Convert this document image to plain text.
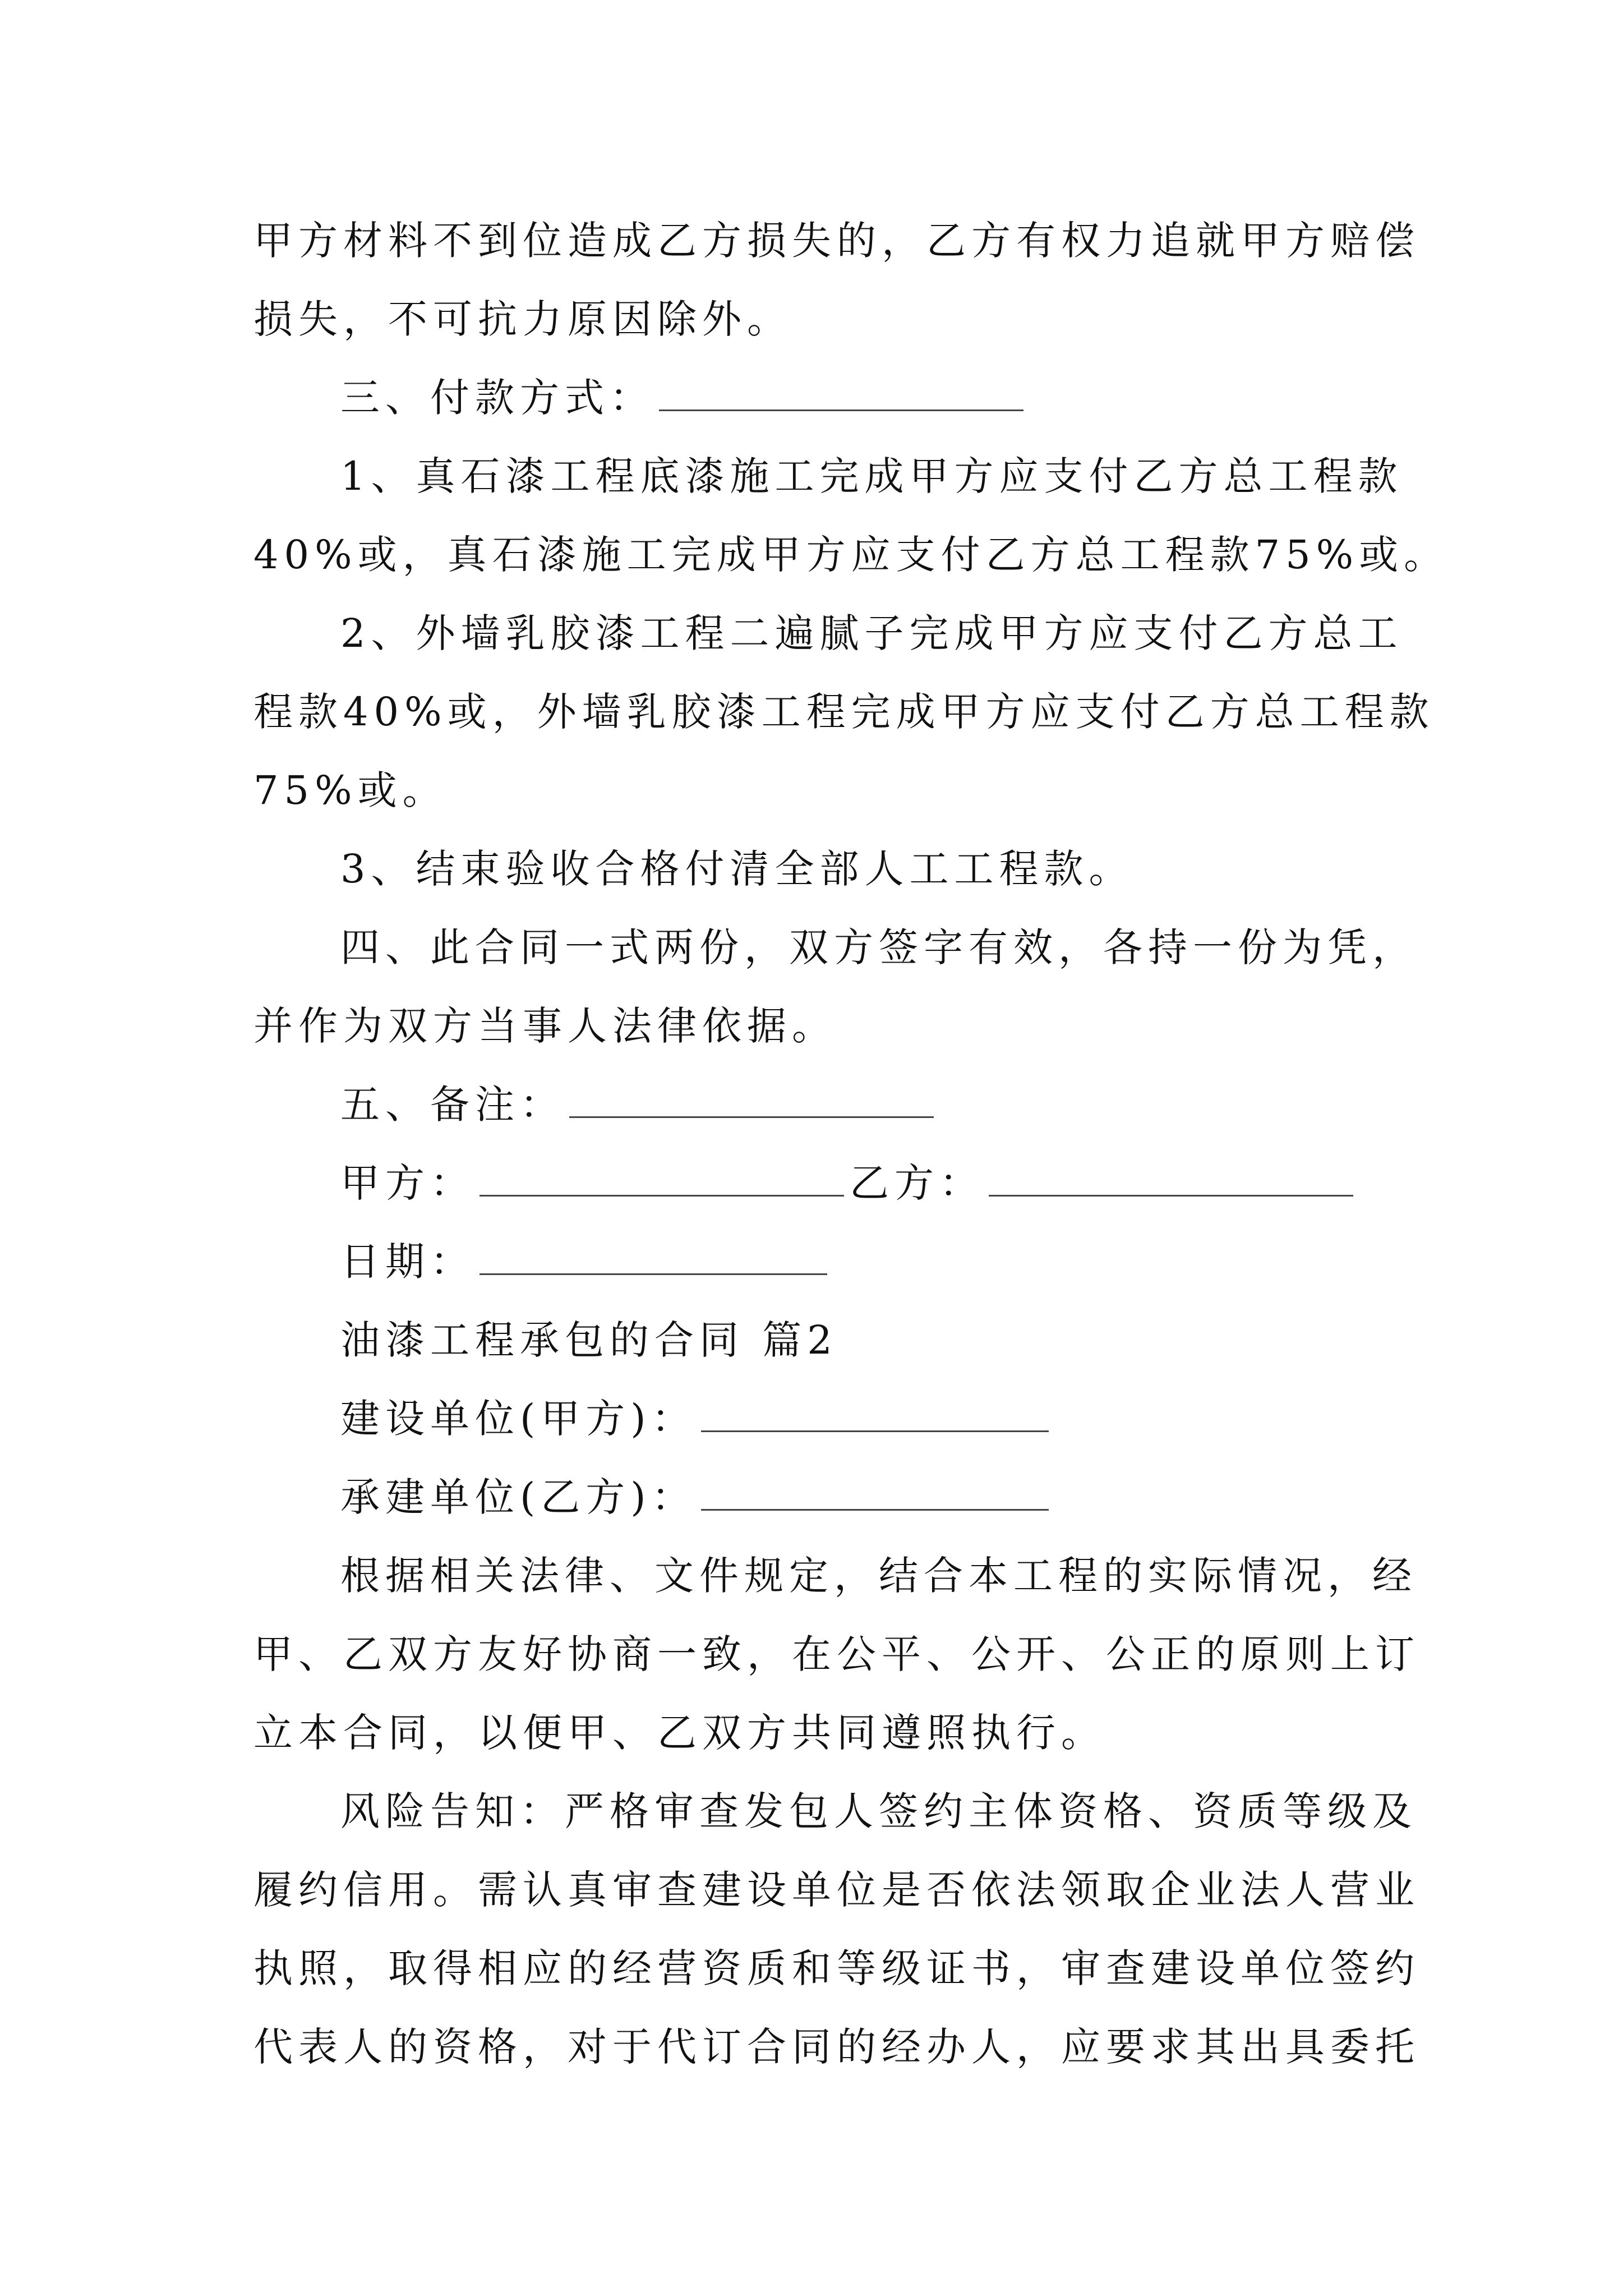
甲方材料不到位造成乙方损失的，乙方有权力追就甲方赔偿
损失，不可抗力原因除外。
三、付款方式：
1、真石漆工程底漆施工完成甲方应支付乙方总工程款
40%或，真石漆施工完成甲方应支付乙方总工程款75%或。
2、外墙乳胶漆工程二遍腻子完成甲方应支付乙方总工
程款40%或，外墙乳胶漆工程完成甲方应支付乙方总工程款
75%或。
3、结束验收合格付清全部人工工程款。
四、此合同一式两份，双方签字有效，各持一份为凭，
并作为双方当事人法律依据。
五、备注：
甲方：	乙方：
日期：
油漆工程承包的合同 篇2
建设单位(甲方)：
承建单位(乙方)：
根据相关法律、文件规定，结合本工程的实际情况，经
甲、乙双方友好协商一致，在公平、公开、公正的原则上订
立本合同，以便甲、乙双方共同遵照执行。
风险告知：严格审查发包人签约主体资格、资质等级及
履约信用。需认真审查建设单位是否依法领取企业法人营业
执照，取得相应的经营资质和等级证书，审查建设单位签约
代表人的资格，对于代订合同的经办人，应要求其出具委托
